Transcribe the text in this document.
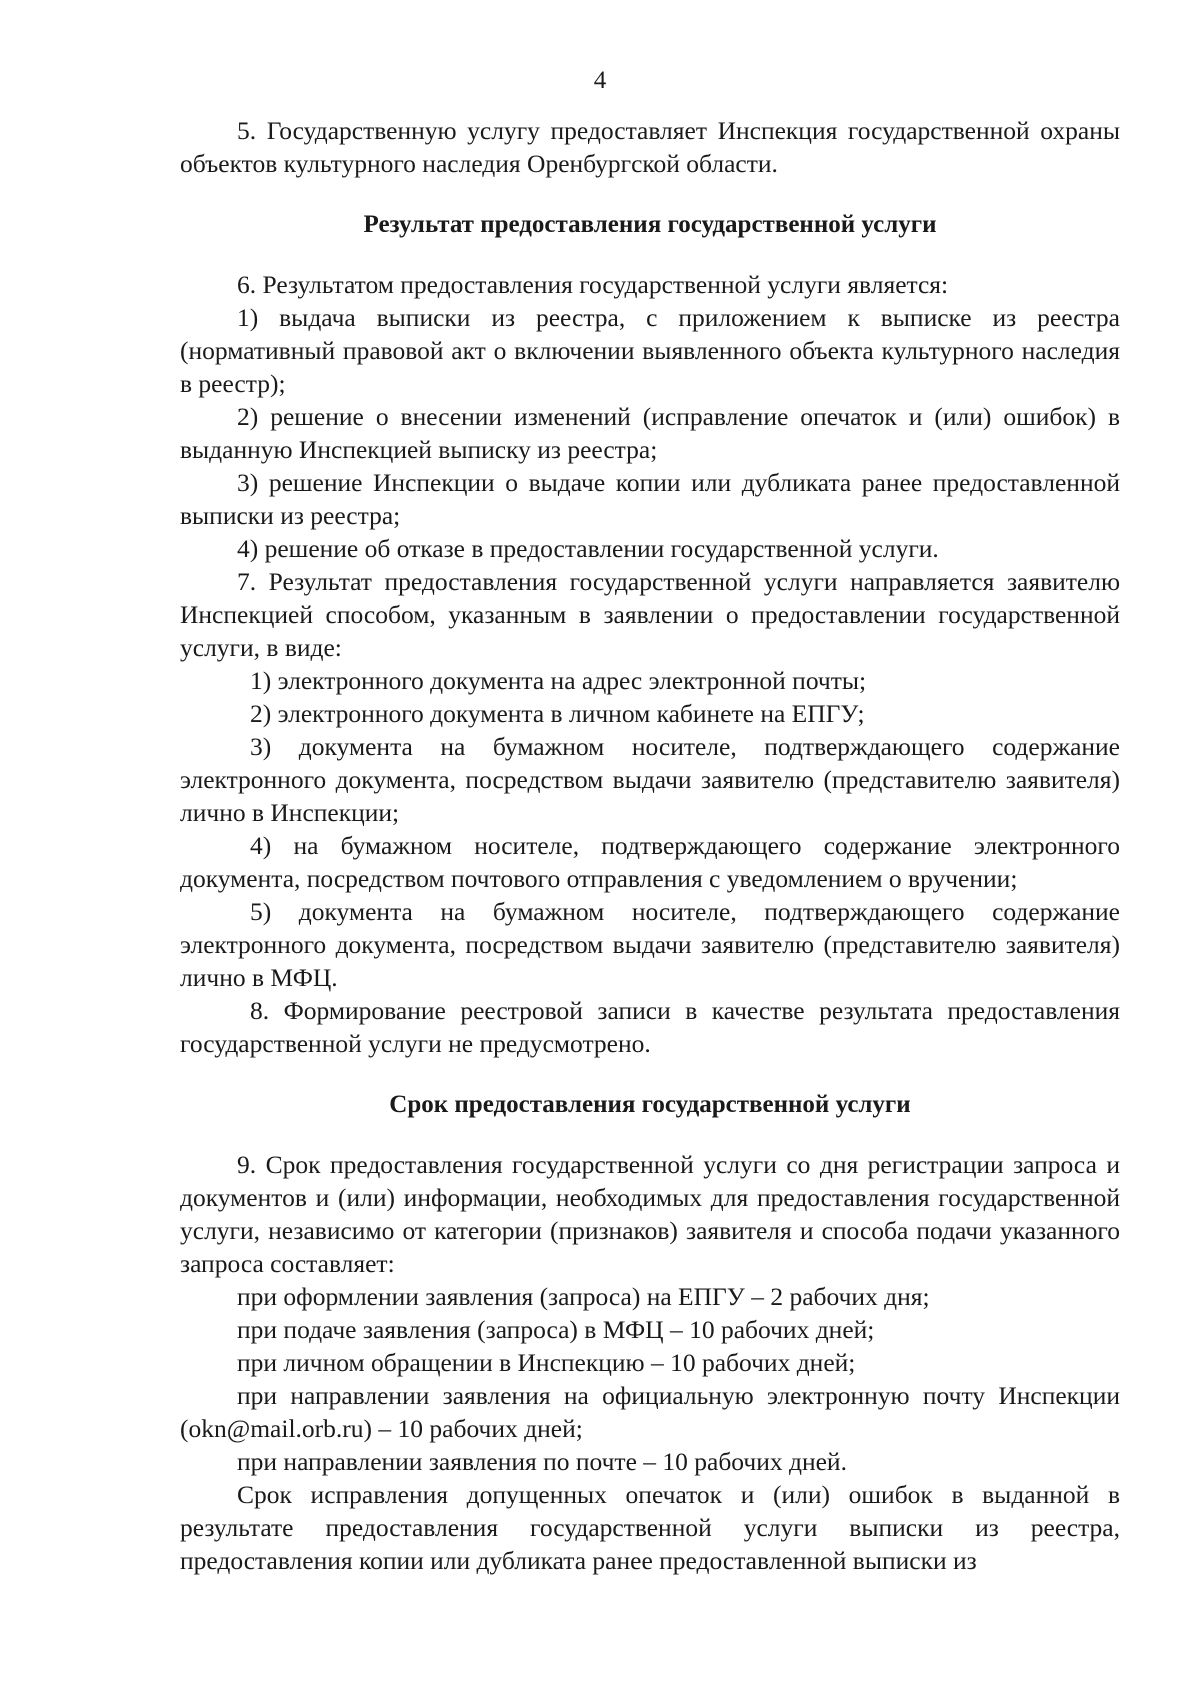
4

5. Государственную услугу предоставляет Инспекция государственной охраны объектов культурного наследия Оренбургской области.

Результат предоставления государственной услуги

6. Результатом предоставления государственной услуги является:

1) выдача выписки из реестра, с приложением к выписке из реестра (нормативный правовой акт о включении выявленного объекта культурного наследия в реестр);

2) решение о внесении изменений (исправление опечаток и (или) ошибок) в выданную Инспекцией выписку из реестра;

3) решение Инспекции о выдаче копии или дубликата ранее предоставленной выписки из реестра;

4) решение об отказе в предоставлении государственной услуги.

7. Результат предоставления государственной услуги направляется заявителю Инспекцией способом, указанным в заявлении о предоставлении государственной услуги, в виде:

1) электронного документа на адрес электронной почты;

2) электронного документа в личном кабинете на ЕПГУ;

3) документа на бумажном носителе, подтверждающего содержание электронного документа, посредством выдачи заявителю (представителю заявителя) лично в Инспекции;

4) на бумажном носителе, подтверждающего содержание электронного документа, посредством почтового отправления с уведомлением о вручении;

5) документа на бумажном носителе, подтверждающего содержание электронного документа, посредством выдачи заявителю (представителю заявителя) лично в МФЦ.

8. Формирование реестровой записи в качестве результата предоставления государственной услуги не предусмотрено.

Срок предоставления государственной услуги

9. Срок предоставления государственной услуги со дня регистрации запроса и документов и (или) информации, необходимых для предоставления государственной услуги, независимо от категории (признаков) заявителя и способа подачи указанного запроса составляет:

при оформлении заявления (запроса) на ЕПГУ – 2 рабочих дня;

при подаче заявления (запроса) в МФЦ – 10 рабочих дней;

при личном обращении в Инспекцию – 10 рабочих дней;

при направлении заявления на официальную электронную почту Инспекции (okn@mail.orb.ru) – 10 рабочих дней;

при направлении заявления по почте – 10 рабочих дней.

Срок исправления допущенных опечаток и (или) ошибок в выданной в результате предоставления государственной услуги выписки из реестра, предоставления копии или дубликата ранее предоставленной выписки из
